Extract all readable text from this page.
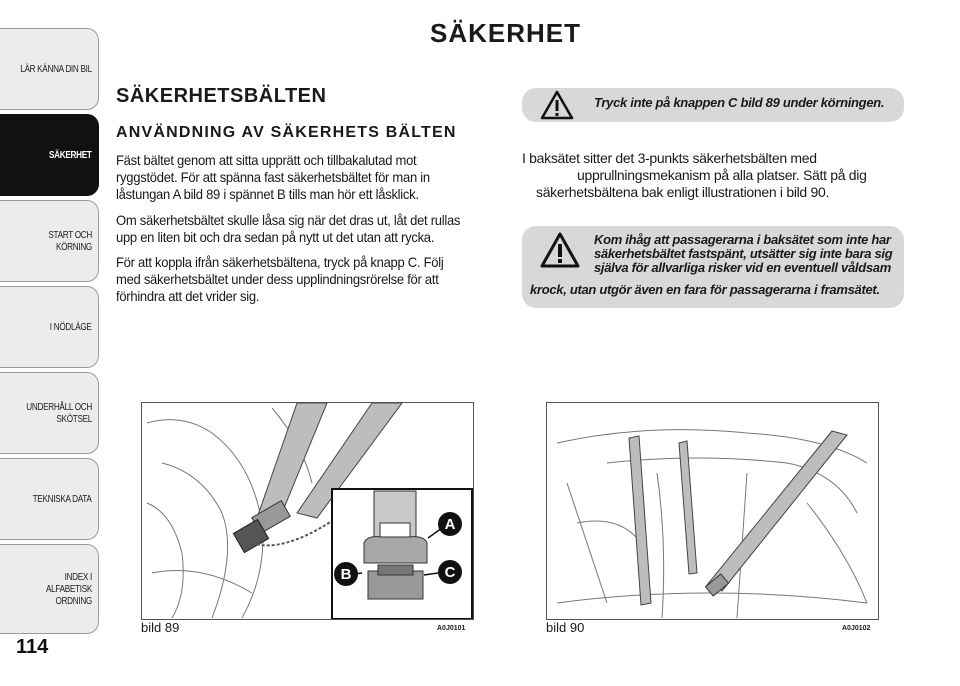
LÄR KÄNNA DIN BIL
SÄKERHET
START OCH KÖRNING
I NÖDLÄGE
UNDERHÅLL OCH SKÖTSEL
TEKNISKA DATA
INDEX I ALFABETISK ORDNING
114
SÄKERHET
SÄKERHETSBÄLTEN
ANVÄNDNING AV SÄKERHETS BÄLTEN
Fäst bältet genom att sitta upprätt och tillbakalutad mot ryggstödet. För att spänna fast säkerhetsbältet för man in låstungan A bild 89 i spännet B tills man hör ett låsklick.
Om säkerhetsbältet skulle låsa sig när det dras ut, låt det rullas upp en liten bit och dra sedan på nytt ut det utan att rycka.
För att koppla ifrån säkerhetsbältena, tryck på knapp C. Följ med säkerhetsbältet under dess upplindningsrörelse för att förhindra att det vrider sig.
Tryck inte på knappen C bild 89 under körningen.
I baksätet sitter det 3-punkts säkerhetsbälten med
upprullningsmekanism på alla platser. Sätt på dig
säkerhetsbältena bak enligt illustrationen i bild 90.
Kom ihåg att passagerarna i baksätet som inte har
säkerhetsbältet fastspänt, utsätter sig inte bara sig
själva för allvarliga risker vid en eventuell våldsam
krock, utan utgör även en fara för passagerarna i framsätet.
A
B	C
bild 89	A0J0101	bild 90	A0J0102
